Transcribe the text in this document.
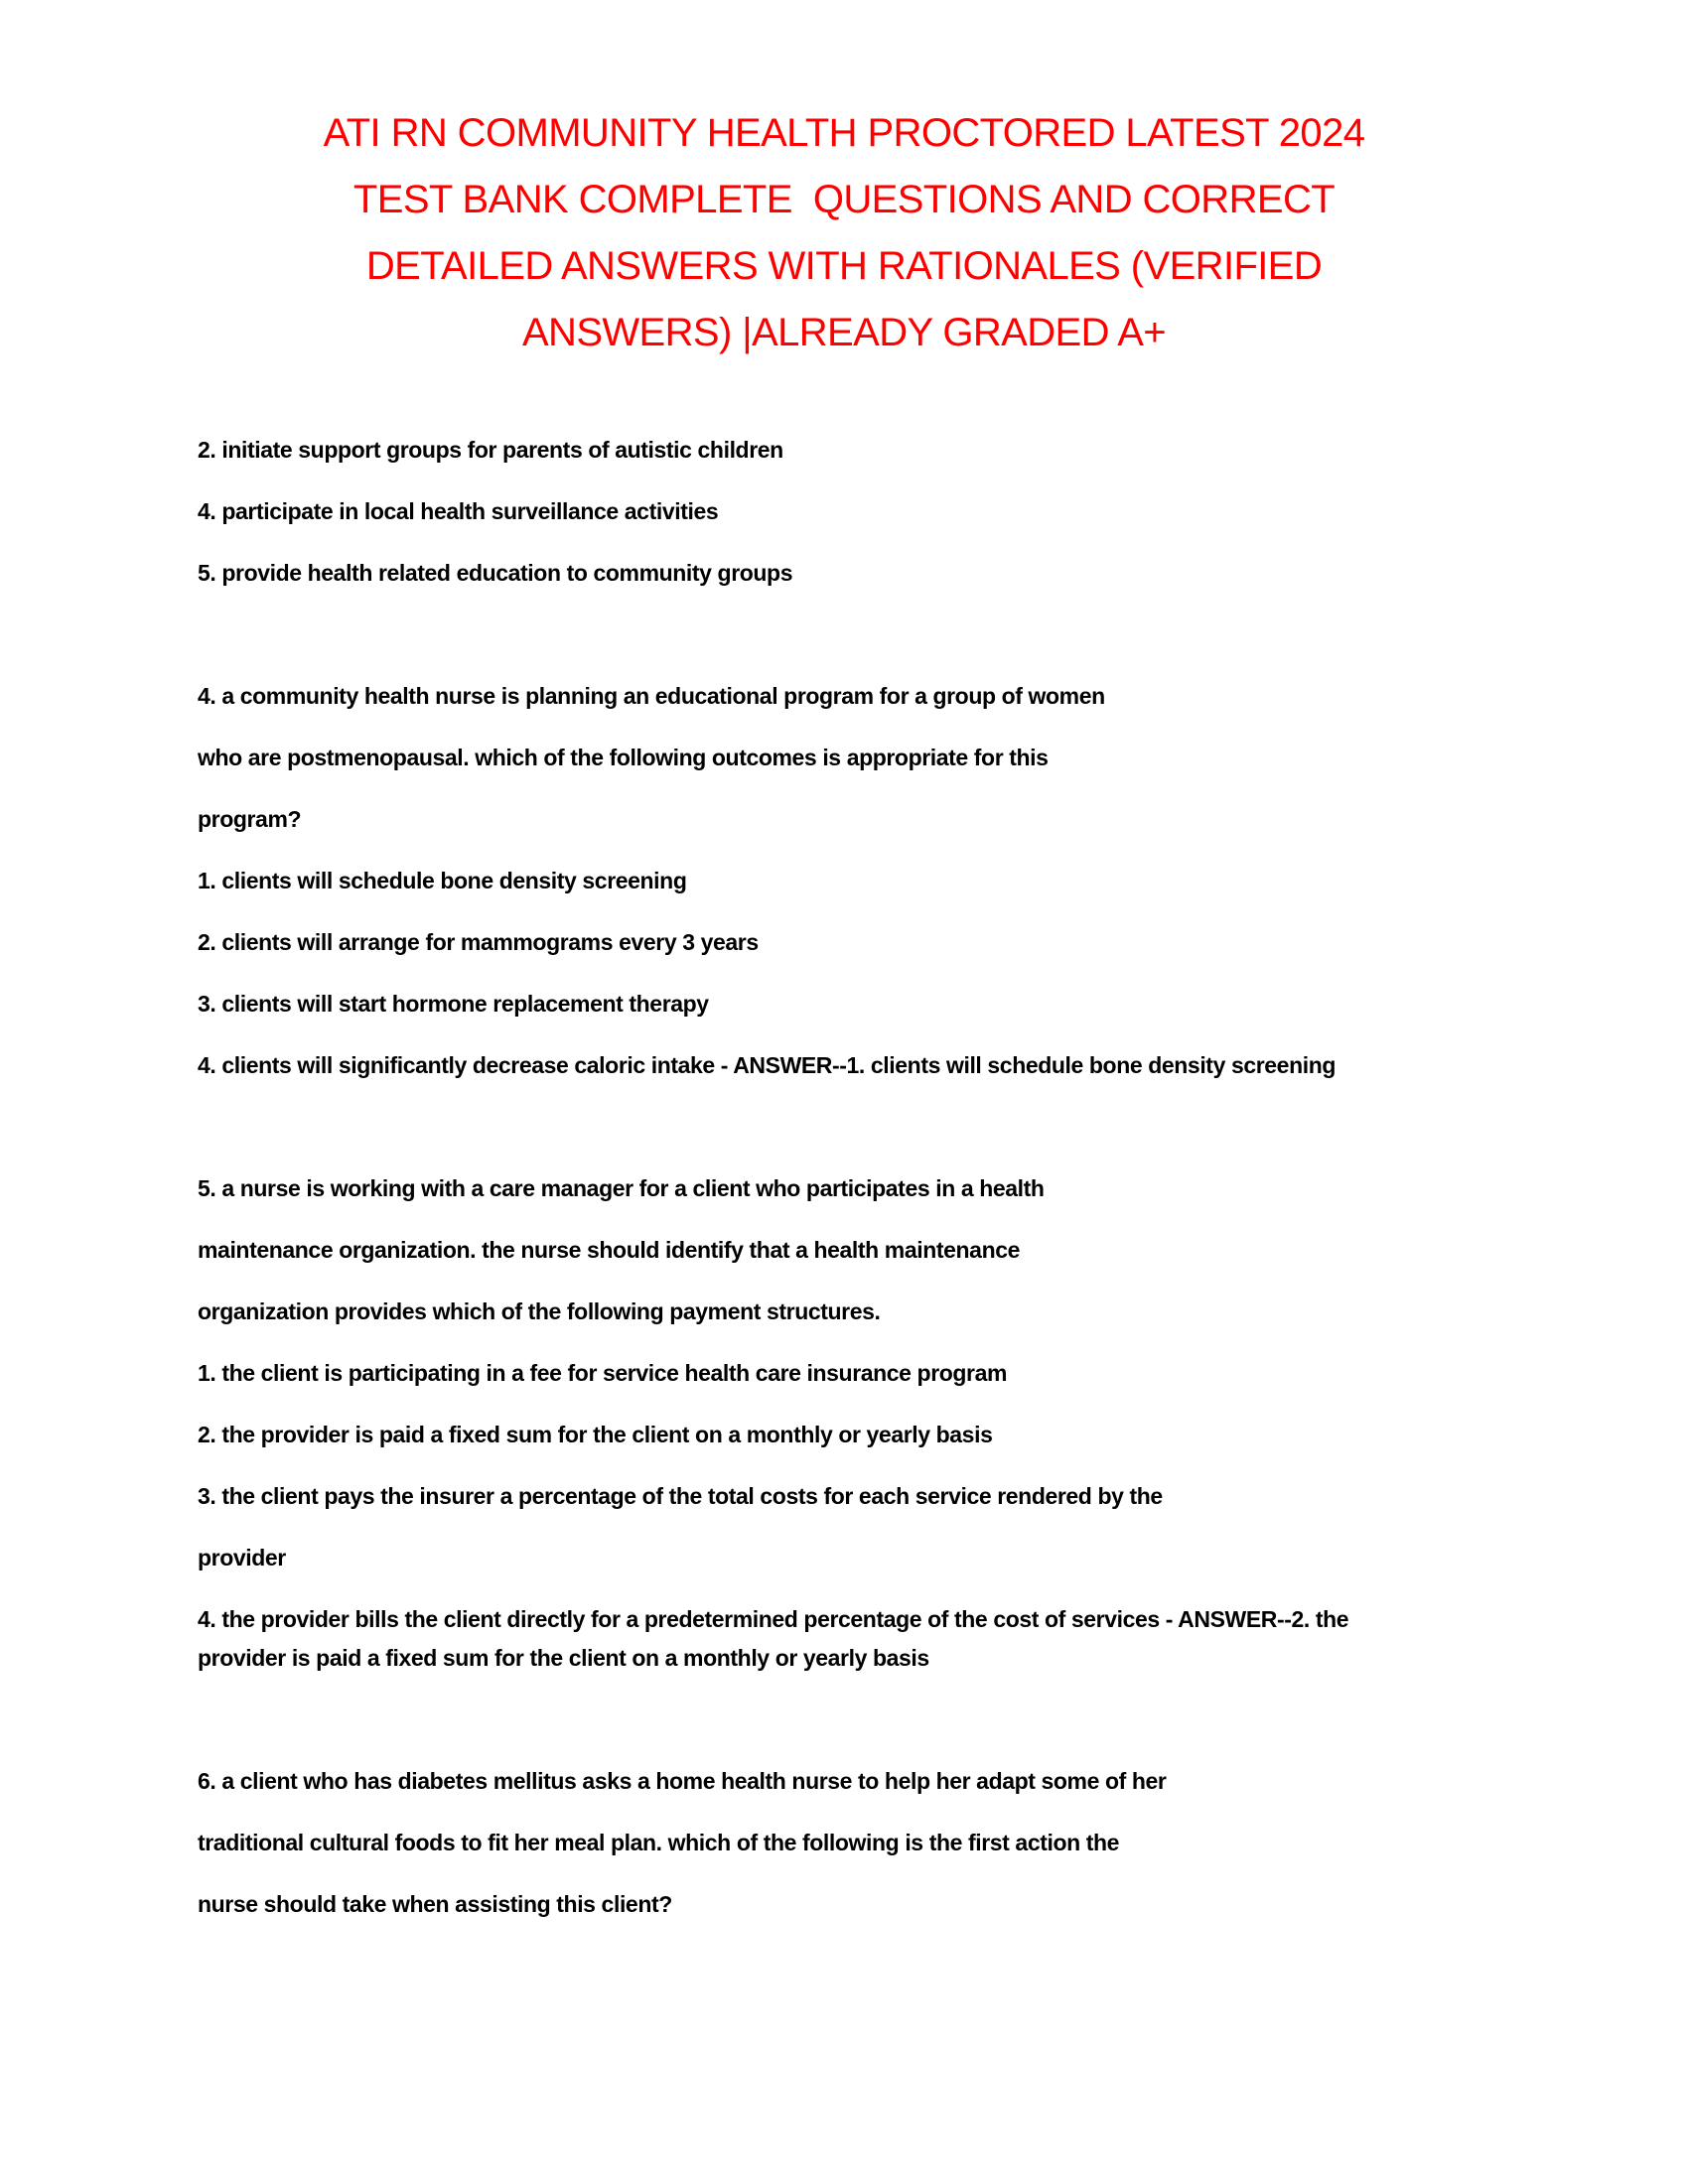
ATI RN COMMUNITY HEALTH PROCTORED LATEST 2024
TEST BANK COMPLETE  QUESTIONS AND CORRECT
DETAILED ANSWERS WITH RATIONALES (VERIFIED
ANSWERS) |ALREADY GRADED A+
2. initiate support groups for parents of autistic children
4. participate in local health surveillance activities
5. provide health related education to community groups
4. a community health nurse is planning an educational program for a group of women
who are postmenopausal. which of the following outcomes is appropriate for this
program?
1. clients will schedule bone density screening
2. clients will arrange for mammograms every 3 years
3. clients will start hormone replacement therapy
4. clients will significantly decrease caloric intake - ANSWER--1. clients will schedule bone density screening
5. a nurse is working with a care manager for a client who participates in a health
maintenance organization. the nurse should identify that a health maintenance
organization provides which of the following payment structures.
1. the client is participating in a fee for service health care insurance program
2. the provider is paid a fixed sum for the client on a monthly or yearly basis
3. the client pays the insurer a percentage of the total costs for each service rendered by the
provider
4. the provider bills the client directly for a predetermined percentage of the cost of services - ANSWER--2. the provider is paid a fixed sum for the client on a monthly or yearly basis
6. a client who has diabetes mellitus asks a home health nurse to help her adapt some of her
traditional cultural foods to fit her meal plan. which of the following is the first action the
nurse should take when assisting this client?
